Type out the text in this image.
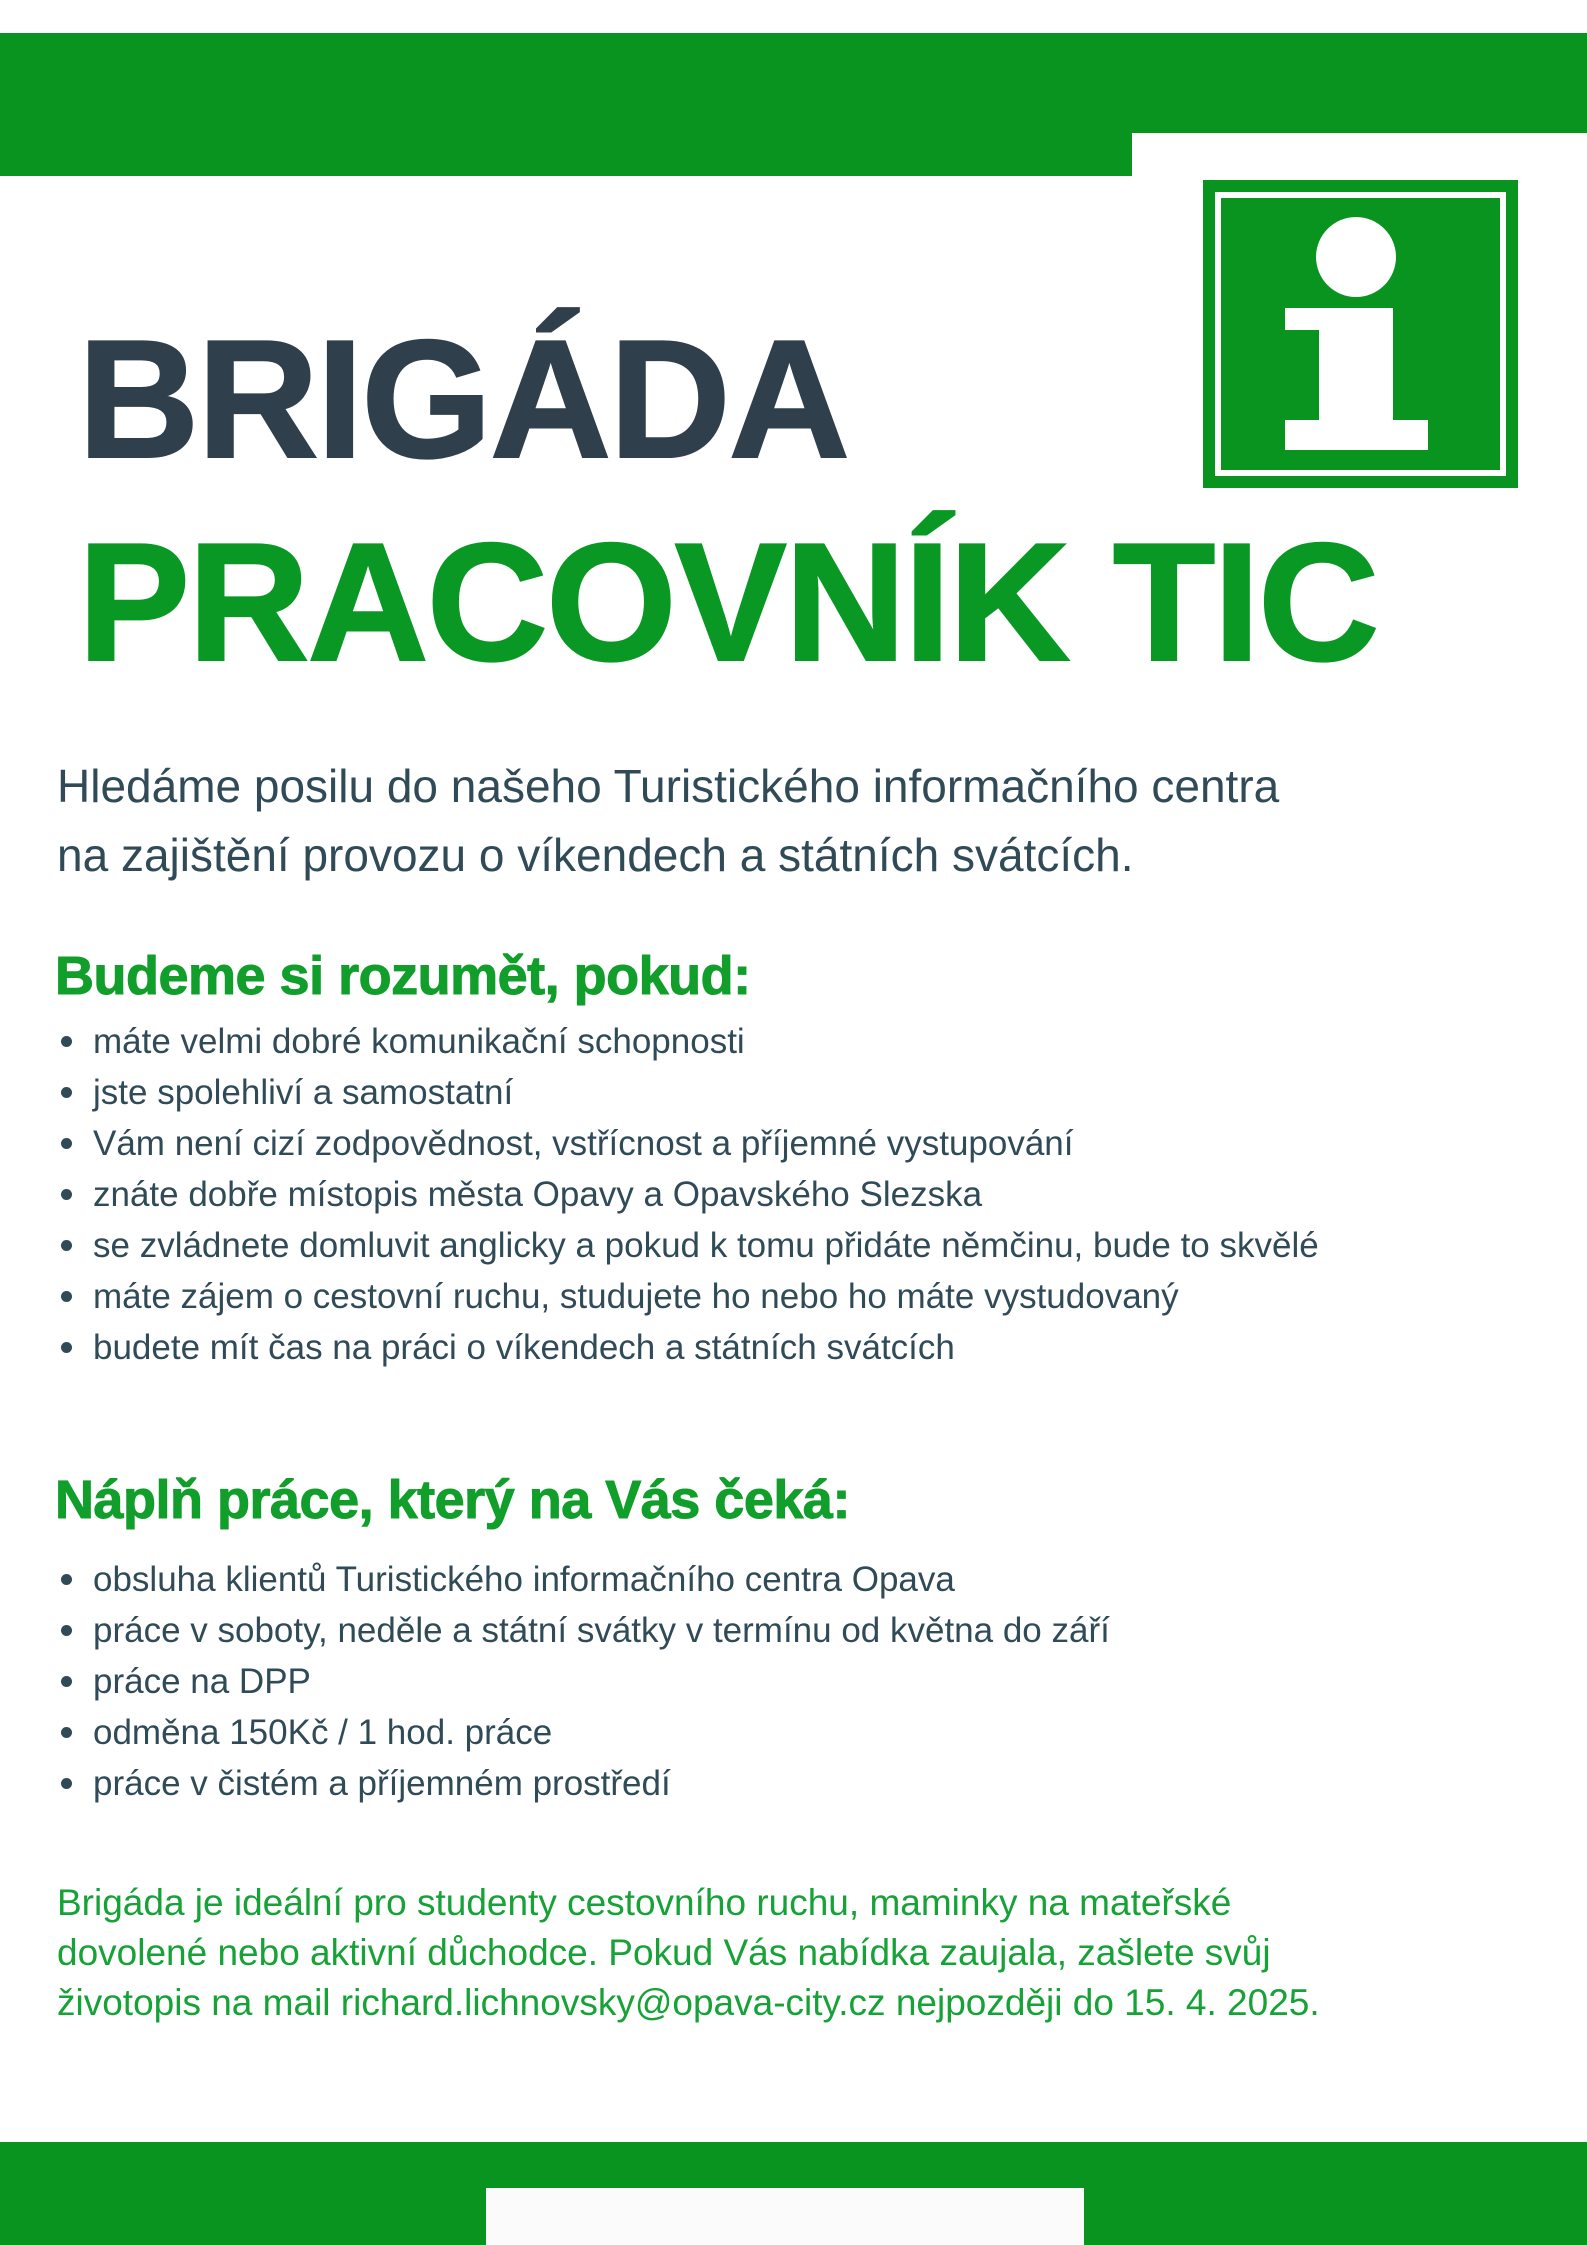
BRIGÁDA
PRACOVNÍK TIC
Hledáme posilu do našeho Turistického informačního centra
na zajištění provozu o víkendech a státních svátcích.
Budeme si rozumět, pokud:
máte velmi dobré komunikační schopnosti
jste spolehliví a samostatní
Vám není cizí zodpovědnost, vstřícnost a příjemné vystupování
znáte dobře místopis města Opavy a Opavského Slezska
se zvládnete domluvit anglicky a pokud k tomu přidáte němčinu, bude to skvělé
máte zájem o cestovní ruchu, studujete ho nebo ho máte vystudovaný
budete mít čas na práci o víkendech a státních svátcích
Náplň práce, který na Vás čeká:
obsluha klientů Turistického informačního centra Opava
práce v soboty, neděle a státní svátky v termínu od května do září
práce na DPP
odměna 150Kč / 1 hod. práce
práce v čistém a příjemném prostředí
Brigáda je ideální pro studenty cestovního ruchu, maminky na mateřské
dovolené nebo aktivní důchodce. Pokud Vás nabídka zaujala, zašlete svůj
životopis na mail richard.lichnovsky@opava-city.cz nejpozději do 15. 4. 2025.
